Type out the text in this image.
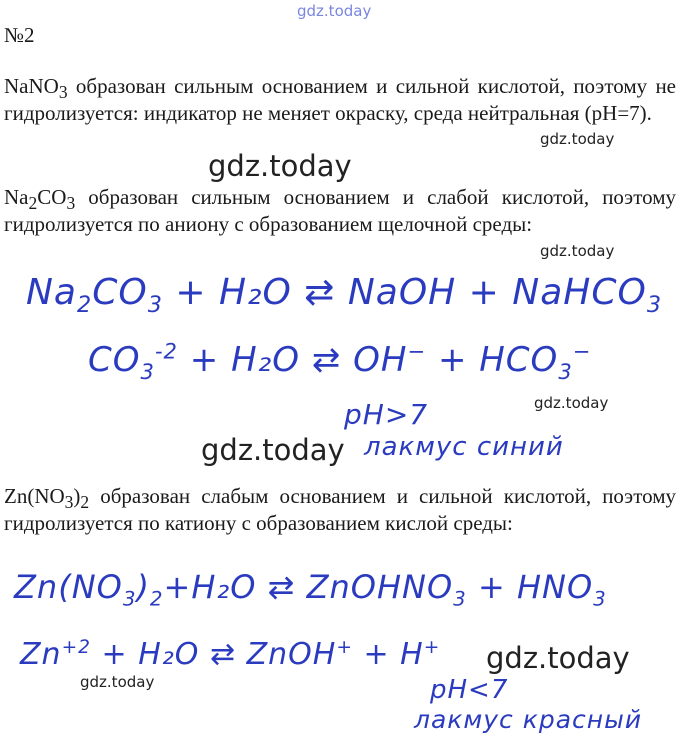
gdz.today
№2
NaNO$_3$ образован сильным основанием и сильной кислотой, поэтому не гидролизуется: индикатор не меняет окраску, среда нейтральная (pH=7).
gdz.today
gdz.today
$Na_2CO_3$ образован сильным основанием и слабой кислотой, поэтому гидролизуется по аниону с образованием щелочной среды:
gdz.today
$Na_2CO_3 + H_2O$ ⇄ NaOH + NaHCO$_3$
$CO_3^{-2} + H_2O$ ⇄ $OH^- + HCO_3^-$
gdz.today
pH>7
gdz.today лакмус синий
$Zn(NO_3)_2$ образован слабым основанием и сильной кислотой, поэтому гидролизуется по катиону с образованием кислой среды:
$Zn(NO_3)_2+H_2O$ ⇄ ZnOHNO$_3$ + $HNO_3$
$Zn^{+2} + H_2O$ ⇄ ZnOH+ + H+ gdz.today
gdz.today	pH<7
лакмус красный
